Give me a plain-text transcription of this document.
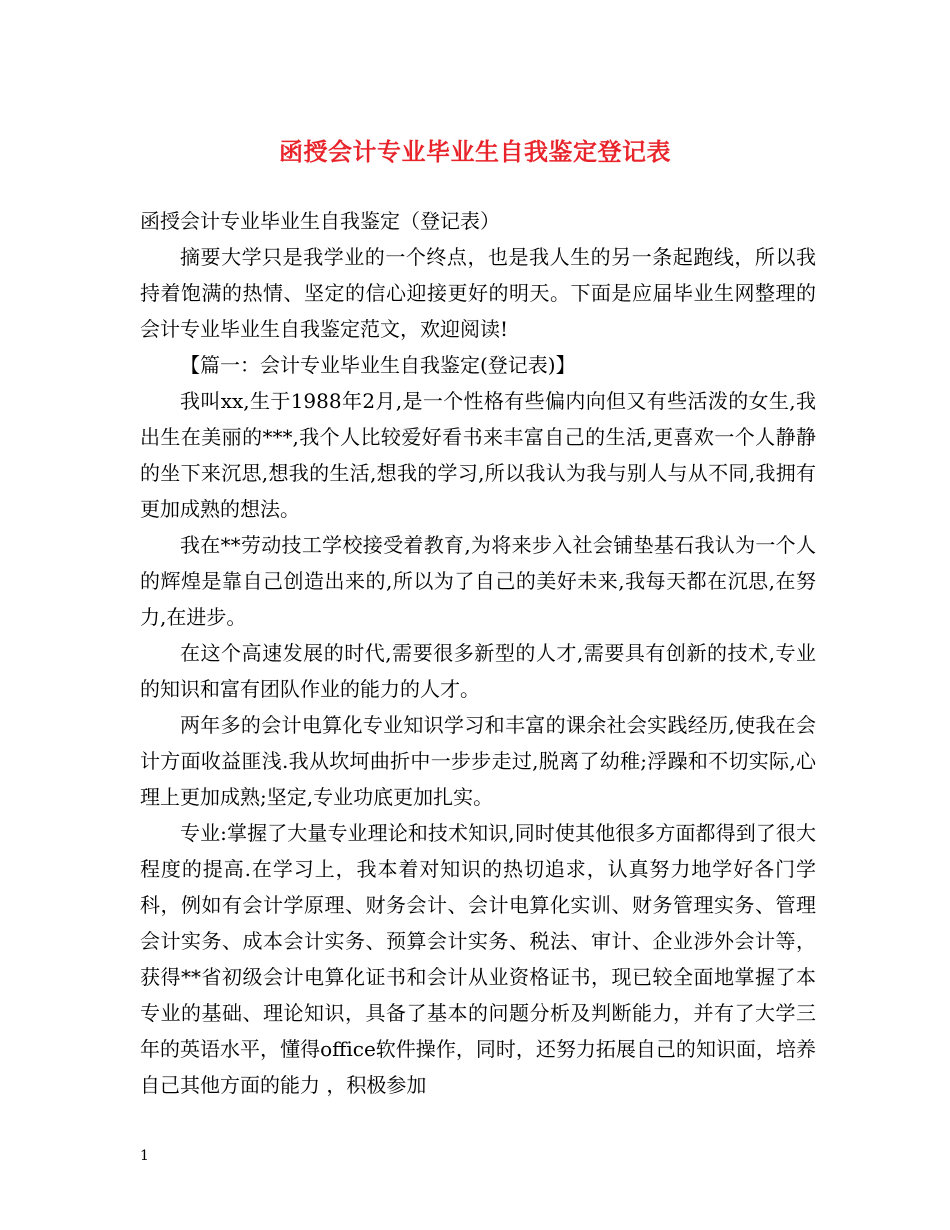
函授会计专业毕业生自我鉴定登记表

函授会计专业毕业生自我鉴定（登记表）

摘要大学只是我学业的一个终点，也是我人生的另一条起跑线，所以我持着饱满的热情、坚定的信心迎接更好的明天。下面是应届毕业生网整理的会计专业毕业生自我鉴定范文，欢迎阅读!

【篇一：会计专业毕业生自我鉴定(登记表)】

我叫xx,生于1988年2月,是一个性格有些偏内向但又有些活泼的女生,我出生在美丽的***,我个人比较爱好看书来丰富自己的生活,更喜欢一个人静静的坐下来沉思,想我的生活,想我的学习,所以我认为我与别人与从不同,我拥有更加成熟的想法。

我在**劳动技工学校接受着教育,为将来步入社会铺垫基石我认为一个人的辉煌是靠自己创造出来的,所以为了自己的美好未来,我每天都在沉思,在努力,在进步。

在这个高速发展的时代,需要很多新型的人才,需要具有创新的技术,专业的知识和富有团队作业的能力的人才。

两年多的会计电算化专业知识学习和丰富的课余社会实践经历,使我在会计方面收益匪浅.我从坎坷曲折中一步步走过,脱离了幼稚;浮躁和不切实际,心理上更加成熟;坚定,专业功底更加扎实。

专业:掌握了大量专业理论和技术知识,同时使其他很多方面都得到了很大程度的提高.在学习上，我本着对知识的热切追求，认真努力地学好各门学科，例如有会计学原理、财务会计、会计电算化实训、财务管理实务、管理会计实务、成本会计实务、预算会计实务、税法、审计、企业涉外会计等，获得**省初级会计电算化证书和会计从业资格证书，现已较全面地掌握了本专业的基础、理论知识，具备了基本的问题分析及判断能力，并有了大学三年的英语水平，懂得office软件操作，同时，还努力拓展自己的知识面，培养自己其他方面的能力 ，积极参加

1
